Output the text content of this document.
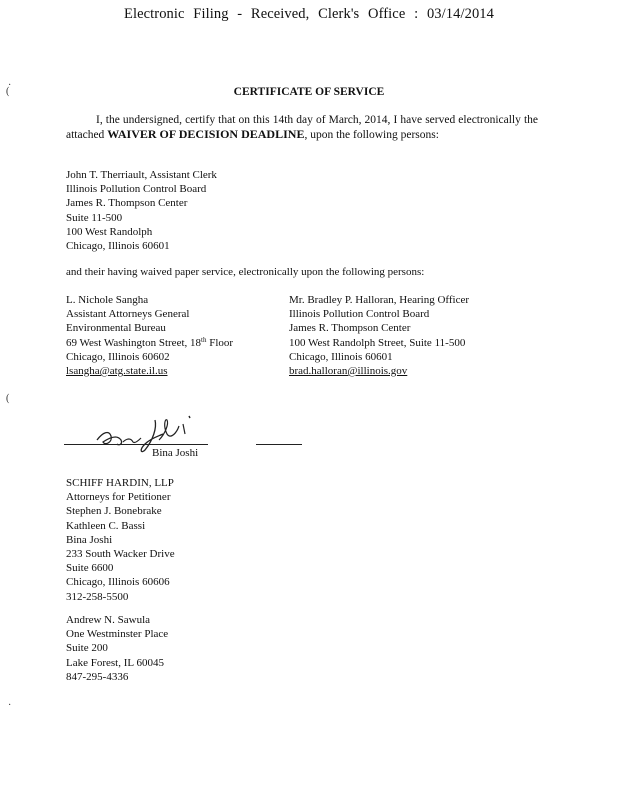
Electronic Filing - Received, Clerk's Office : 03/14/2014
·
(
(
·
CERTIFICATE OF SERVICE
I, the undersigned, certify that on this 14th day of March, 2014, I have served electronically the attached WAIVER OF DECISION DEADLINE, upon the following persons:
John T. Therriault, Assistant Clerk
Illinois Pollution Control Board
James R. Thompson Center
Suite 11-500
100 West Randolph
Chicago, Illinois 60601
and their having waived paper service, electronically upon the following persons:
L. Nichole Sangha
Assistant Attorneys General
Environmental Bureau
69 West Washington Street, 18th Floor
Chicago, Illinois 60602
lsangha@atg.state.il.us
Mr. Bradley P. Halloran, Hearing Officer
Illinois Pollution Control Board
James R. Thompson Center
100 West Randolph Street, Suite 11-500
Chicago, Illinois 60601
brad.halloran@illinois.gov
Bina Joshi
SCHIFF HARDIN, LLP
Attorneys for Petitioner
Stephen J. Bonebrake
Kathleen C. Bassi
Bina Joshi
233 South Wacker Drive
Suite 6600
Chicago, Illinois 60606
312-258-5500
Andrew N. Sawula
One Westminster Place
Suite 200
Lake Forest, IL 60045
847-295-4336
